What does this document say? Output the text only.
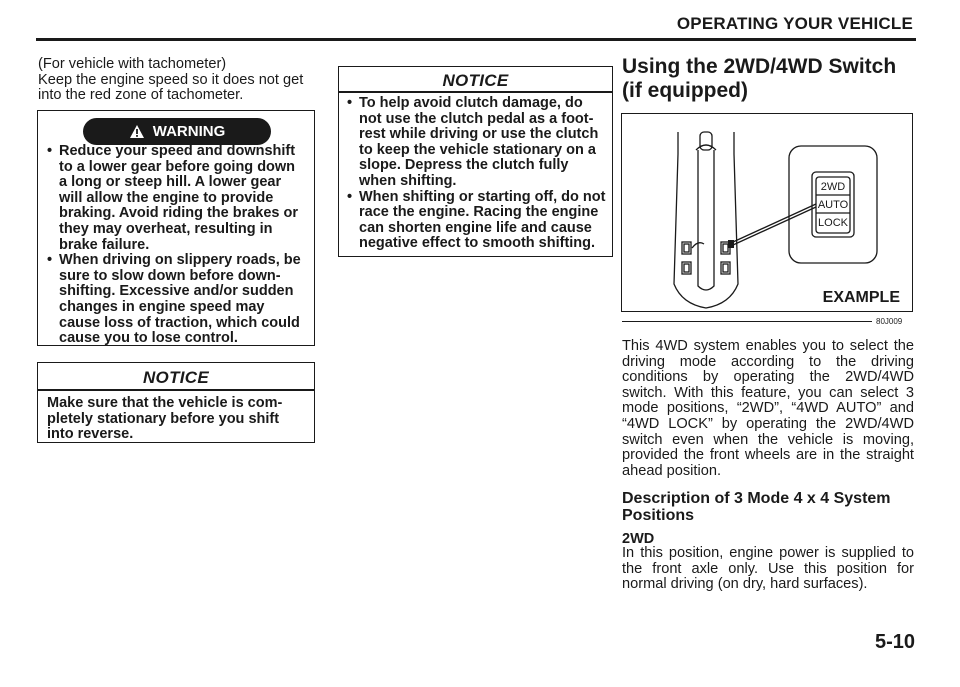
OPERATING YOUR VEHICLE
(For vehicle with tachometer)
Keep the engine speed so it does not get
into the red zone of tachometer.
WARNING
• Reduce your speed and downshift to a lower gear before going down a long or steep hill. A lower gear will allow the engine to provide braking. Avoid riding the brakes or they may overheat, resulting in brake failure.
• When driving on slippery roads, be sure to slow down before down-shifting. Excessive and/or sudden changes in engine speed may cause loss of traction, which could cause you to lose control.
NOTICE
Make sure that the vehicle is com-pletely stationary before you shift into reverse.
NOTICE
• To help avoid clutch damage, do not use the clutch pedal as a foot-rest while driving or use the clutch to keep the vehicle stationary on a slope. Depress the clutch fully when shifting.
• When shifting or starting off, do not race the engine. Racing the engine can shorten engine life and cause negative effect to smooth shifting.
Using the 2WD/4WD Switch (if equipped)
2WD
AUTO
LOCK
EXAMPLE
80J009
This 4WD system enables you to select the driving mode according to the driving conditions by operating the 2WD/4WD switch. With this feature, you can select 3 mode positions, “2WD”, “4WD AUTO” and “4WD LOCK” by operating the 2WD/4WD switch even when the vehicle is moving, provided the front wheels are in the straight ahead position.
Description of 3 Mode 4 x 4 System Positions
2WD
In this position, engine power is supplied to the front axle only. Use this position for normal driving (on dry, hard surfaces).
5-10
